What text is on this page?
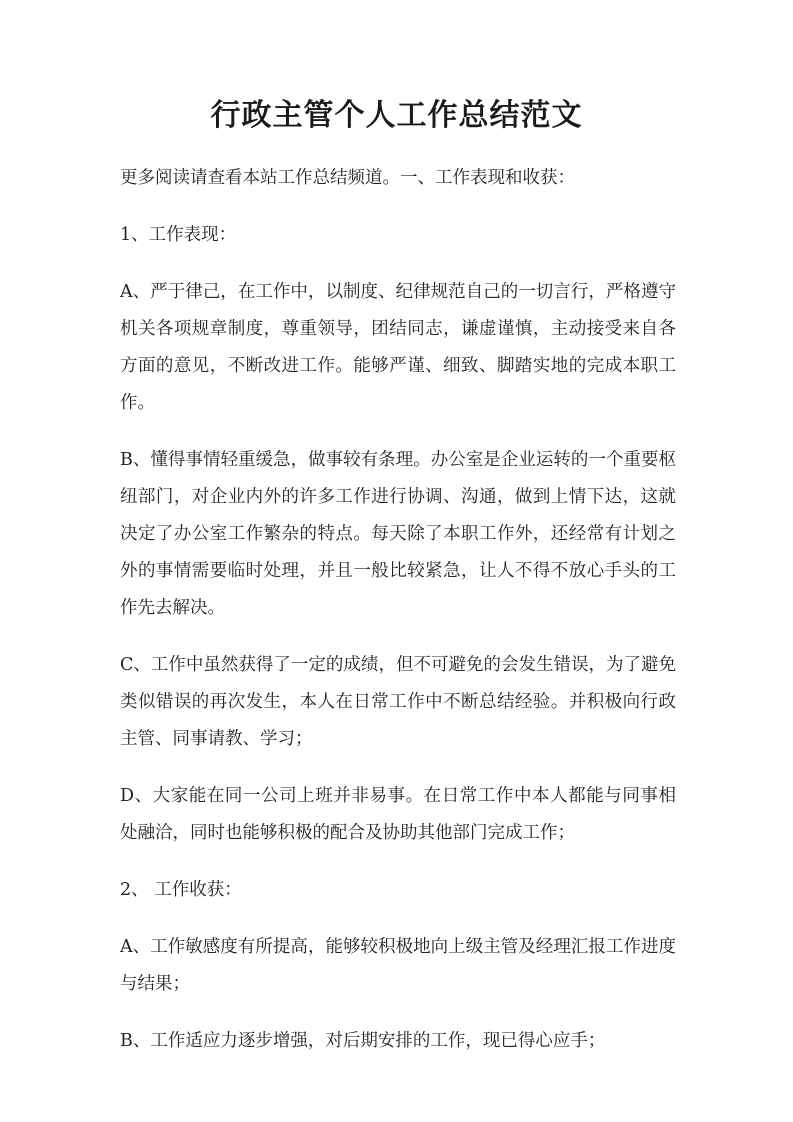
行政主管个人工作总结范文

更多阅读请查看本站工作总结频道。一、工作表现和收获：

1、工作表现：

A、严于律己，在工作中，以制度、纪律规范自己的一切言行，严格遵守机关各项规章制度，尊重领导，团结同志，谦虚谨慎，主动接受来自各方面的意见，不断改进工作。能够严谨、细致、脚踏实地的完成本职工作。

B、懂得事情轻重缓急，做事较有条理。办公室是企业运转的一个重要枢纽部门，对企业内外的许多工作进行协调、沟通，做到上情下达，这就决定了办公室工作繁杂的特点。每天除了本职工作外，还经常有计划之外的事情需要临时处理，并且一般比较紧急，让人不得不放心手头的工作先去解决。

C、工作中虽然获得了一定的成绩，但不可避免的会发生错误，为了避免类似错误的再次发生，本人在日常工作中不断总结经验。并积极向行政主管、同事请教、学习；

D、大家能在同一公司上班并非易事。在日常工作中本人都能与同事相处融洽，同时也能够积极的配合及协助其他部门完成工作；

2、 工作收获：

A、工作敏感度有所提高，能够较积极地向上级主管及经理汇报工作进度与结果；

B、工作适应力逐步增强，对后期安排的工作，现已得心应手；
